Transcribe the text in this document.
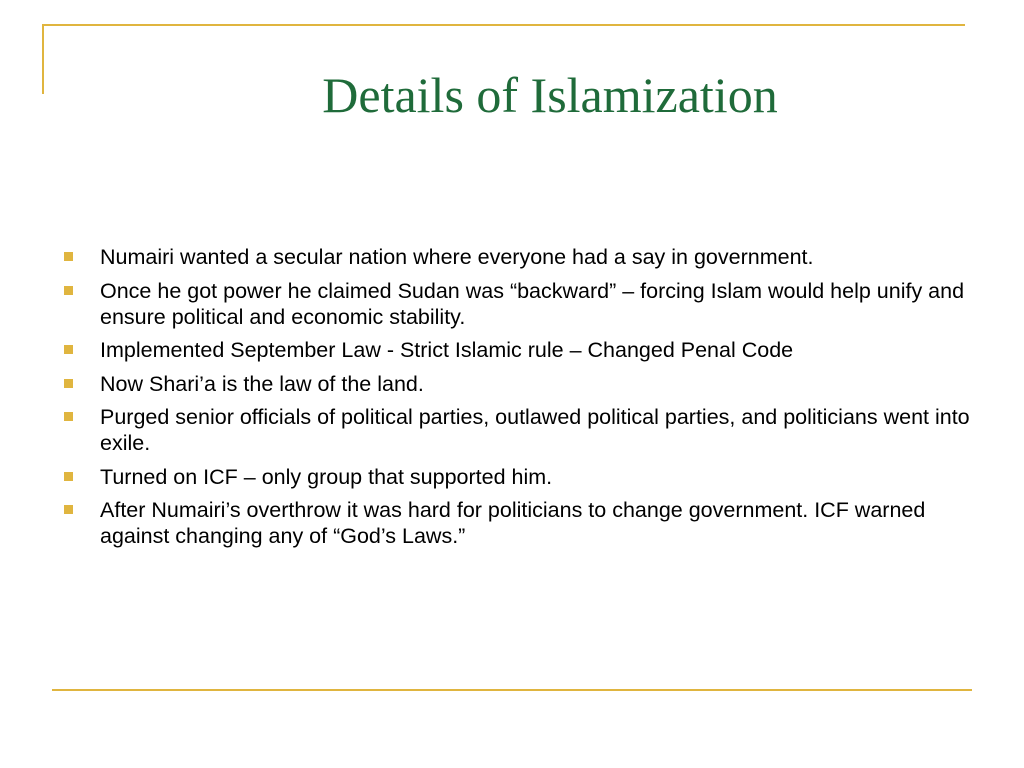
Details of Islamization
Numairi wanted a secular nation where everyone had a say in government.
Once he got power he claimed Sudan was “backward” – forcing Islam would help unify and ensure political and economic stability.
Implemented September Law - Strict Islamic rule – Changed Penal Code
Now Shari’a is the law of the land.
Purged senior officials of political parties, outlawed political parties, and politicians went into exile.
Turned on ICF – only group that supported him.
After Numairi’s overthrow it was hard for politicians to change government. ICF warned against changing any of “God’s Laws.”
